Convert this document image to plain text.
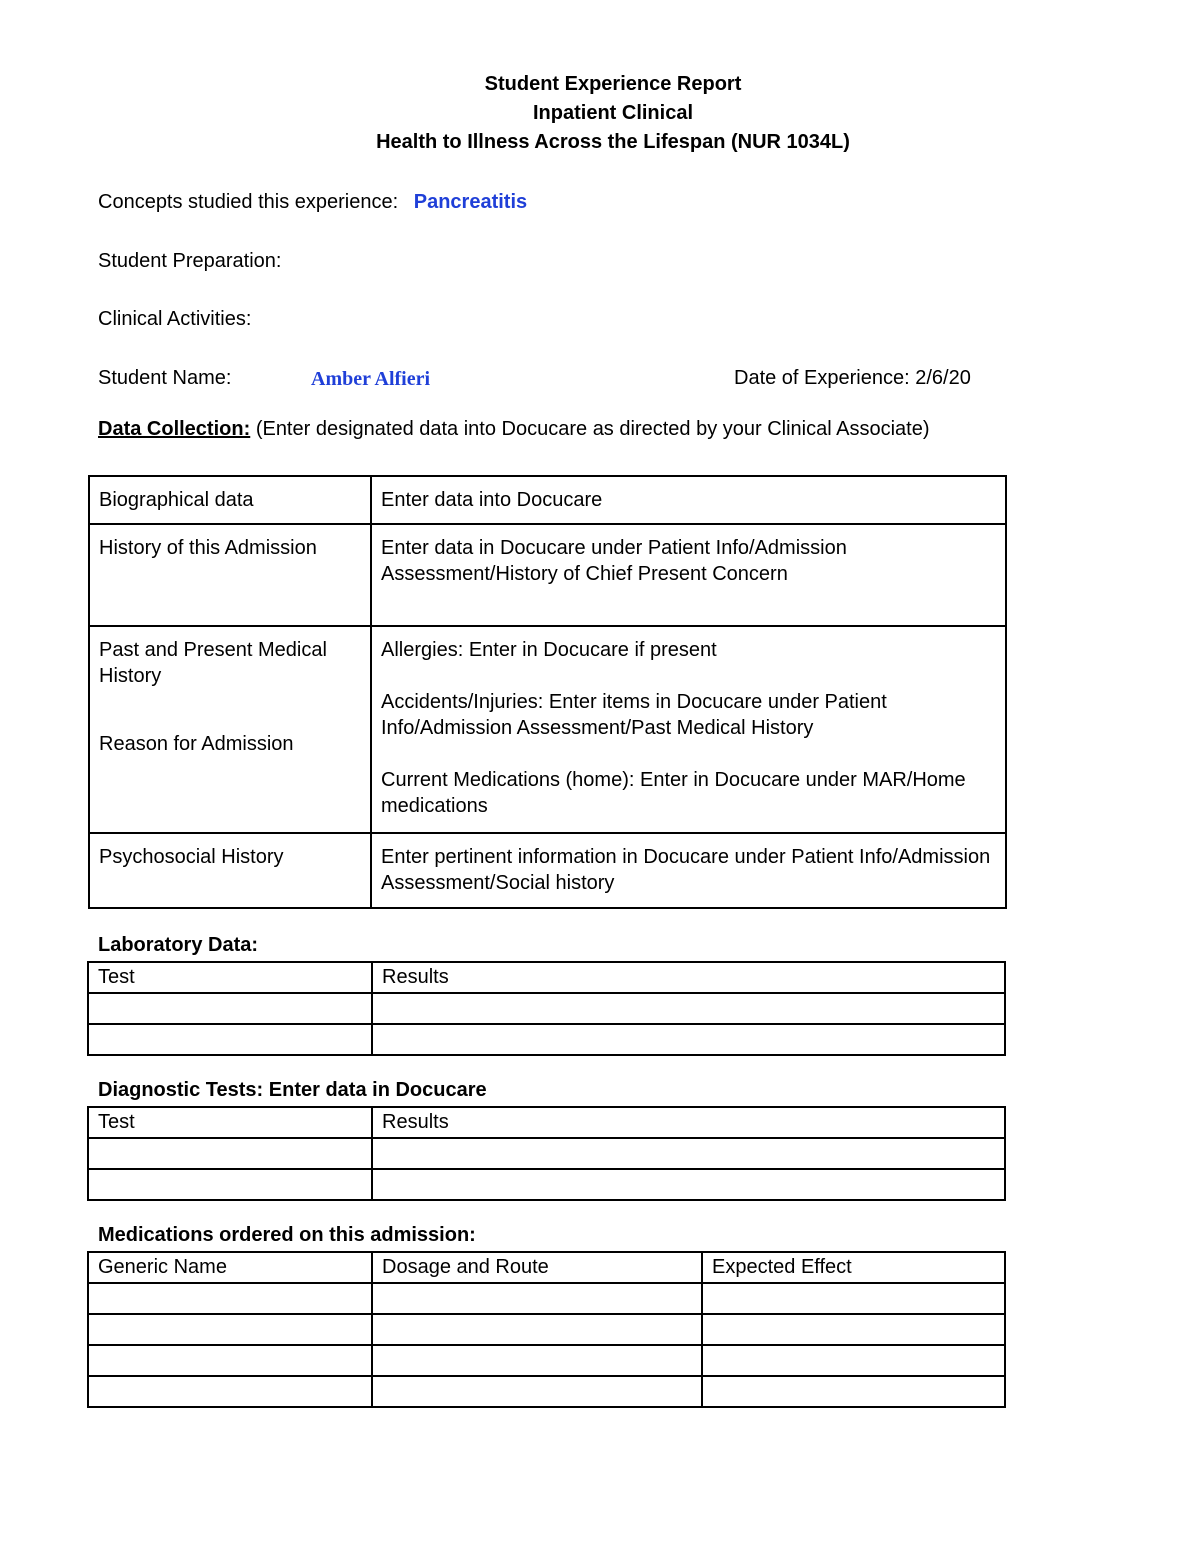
Student Experience Report
Inpatient Clinical
Health to Illness Across the Lifespan (NUR 1034L)
Concepts studied this experience: Pancreatitis
Student Preparation:
Clinical Activities:
Student Name:	Amber Alfieri	Date of Experience: 2/6/20
Data Collection: (Enter designated data into Docucare as directed by your Clinical Associate)
Biographical data	Enter data into Docucare
History of this Admission	Enter data in Docucare under Patient Info/Admission Assessment/History of Chief Present Concern

Past and Present Medical History
Reason for Admission	Allergies: Enter in Docucare if present
Accidents/Injuries: Enter items in Docucare under Patient Info/Admission Assessment/Past Medical History
Current Medications (home): Enter in Docucare under MAR/Home medications

Psychosocial History	Enter pertinent information in Docucare under Patient Info/Admission Assessment/Social history
Laboratory Data:
Test	Results

Diagnostic Tests: Enter data in Docucare
Test	Results

Medications ordered on this admission:
Generic Name	Dosage and Route	Expected Effect
